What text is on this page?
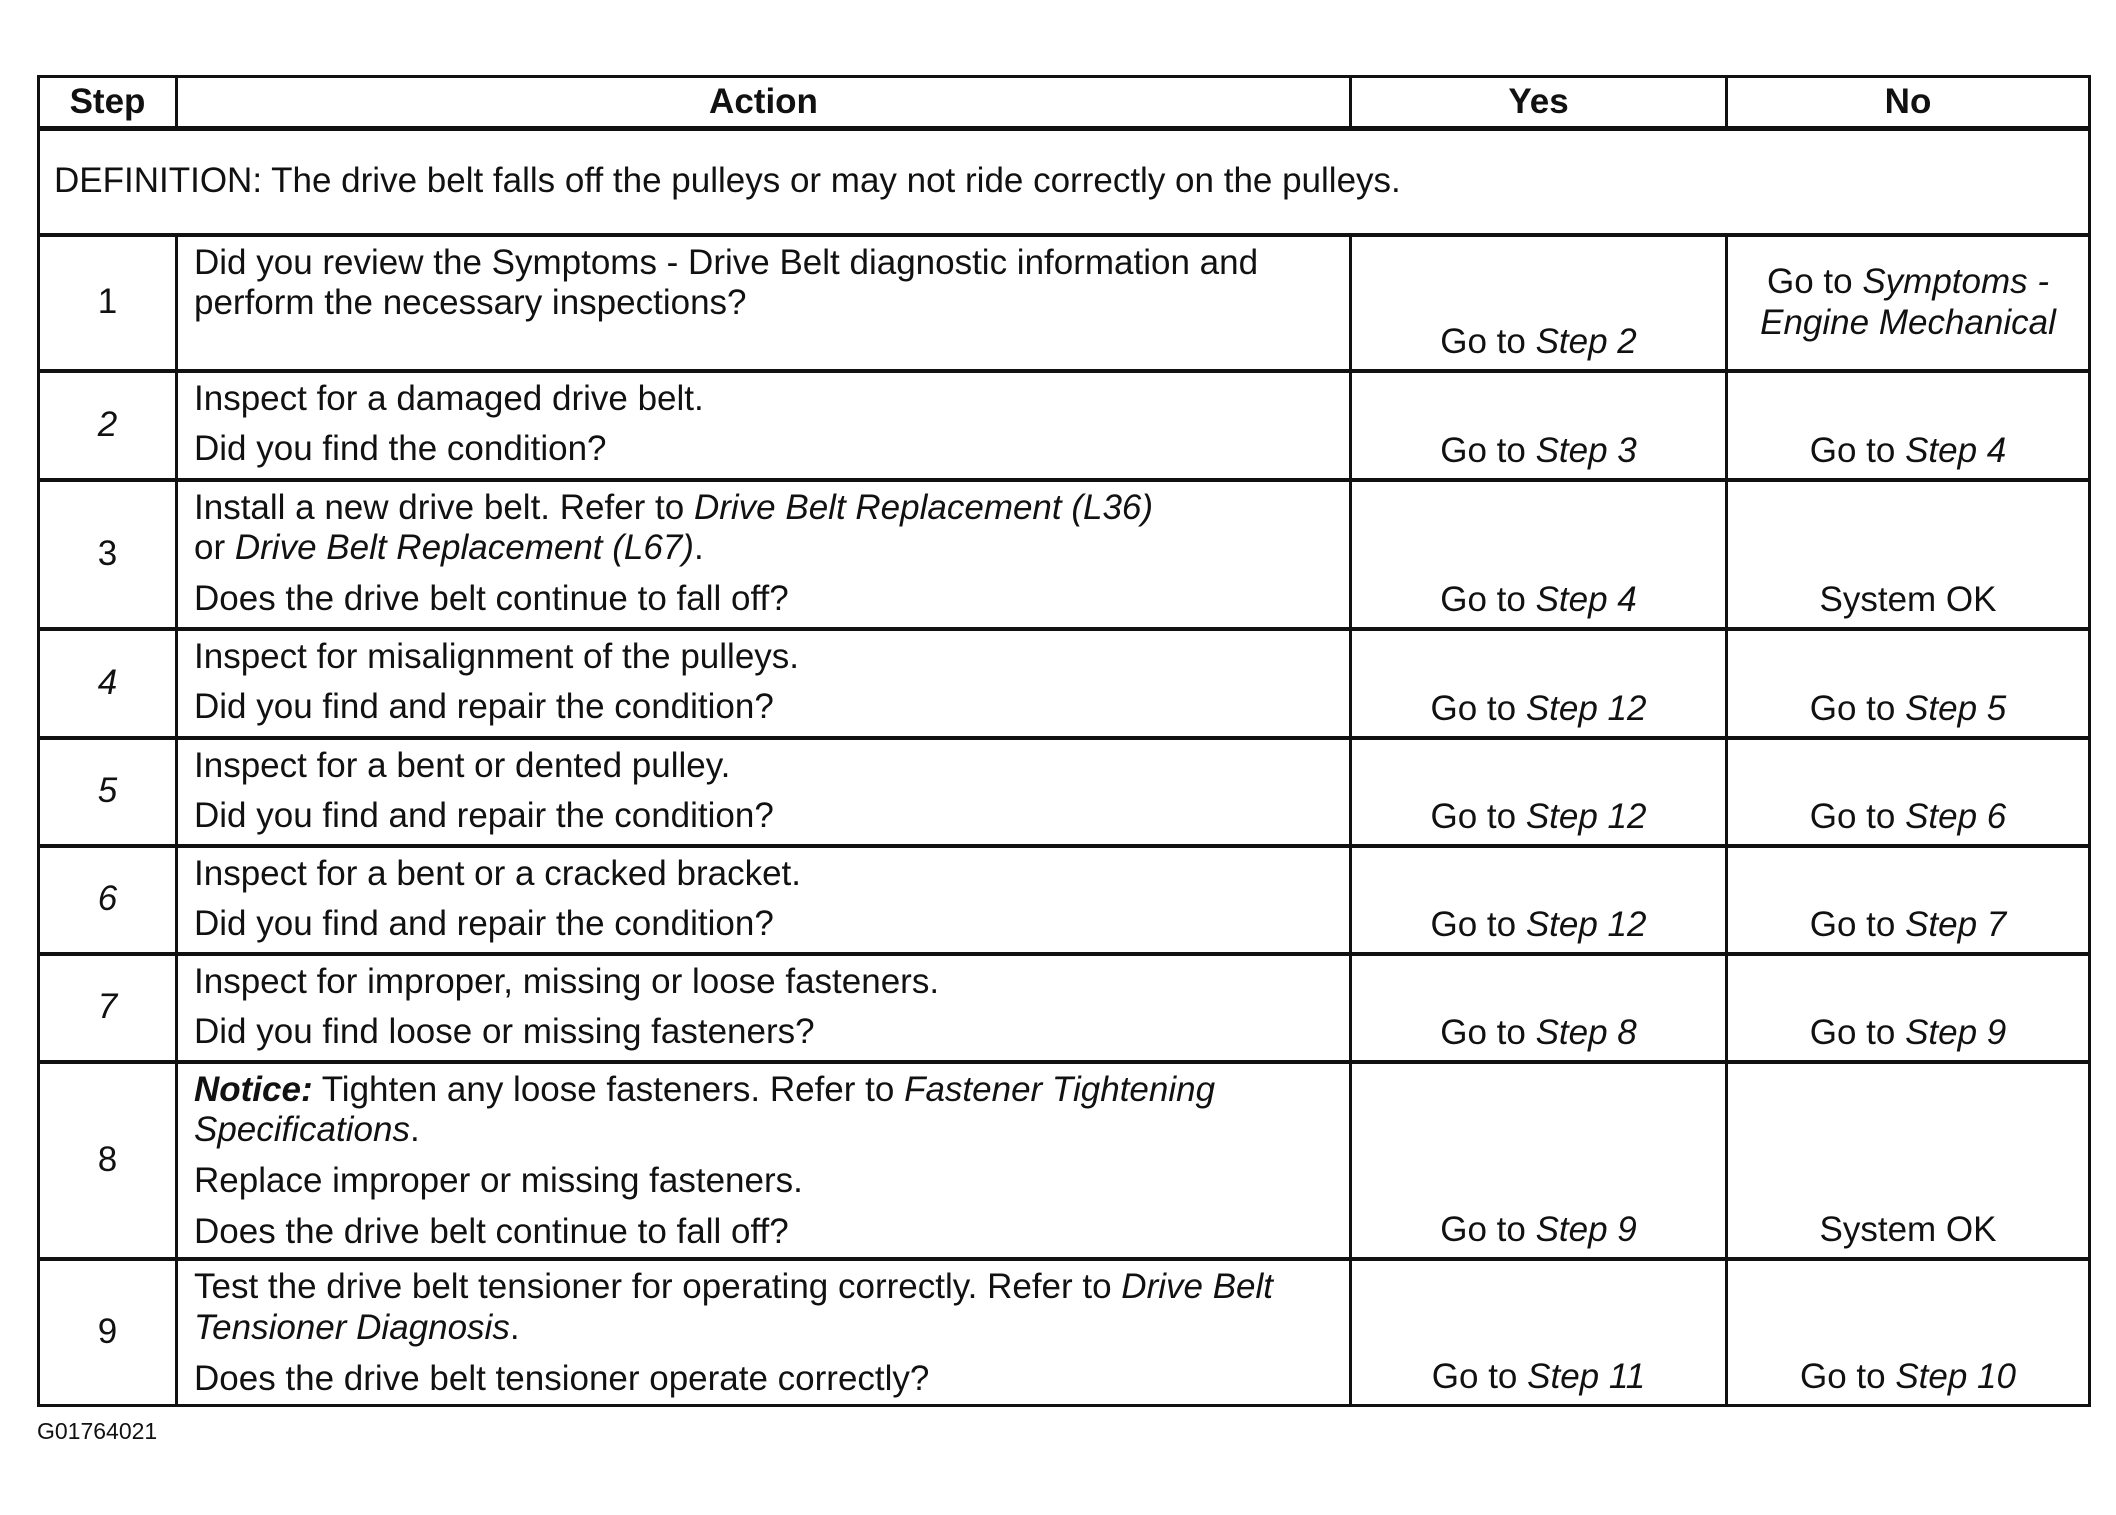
Step	Action	Yes	No
DEFINITION: The drive belt falls off the pulleys or may not ride correctly on the pulleys.			
1	Did you review the Symptoms - Drive Belt diagnostic information and perform the necessary inspections?	Go to Step 2	Go to Symptoms - Engine Mechanical
2	Inspect for a damaged drive belt.

Did you find the condition?	Go to Step 3	Go to Step 4
3	Install a new drive belt. Refer to Drive Belt Replacement (L36)
or Drive Belt Replacement (L67).

Does the drive belt continue to fall off?	Go to Step 4	System OK
4	Inspect for misalignment of the pulleys.

Did you find and repair the condition?	Go to Step 12	Go to Step 5
5	Inspect for a bent or dented pulley.

Did you find and repair the condition?	Go to Step 12	Go to Step 6
6	Inspect for a bent or a cracked bracket.

Did you find and repair the condition?	Go to Step 12	Go to Step 7
7	Inspect for improper, missing or loose fasteners.

Did you find loose or missing fasteners?	Go to Step 8	Go to Step 9
8	Notice: Tighten any loose fasteners. Refer to Fastener Tightening Specifications.

Replace improper or missing fasteners.

Does the drive belt continue to fall off?	Go to Step 9	System OK
9	Test the drive belt tensioner for operating correctly. Refer to Drive Belt Tensioner Diagnosis.

Does the drive belt tensioner operate correctly?	Go to Step 11	Go to Step 10
G01764021
